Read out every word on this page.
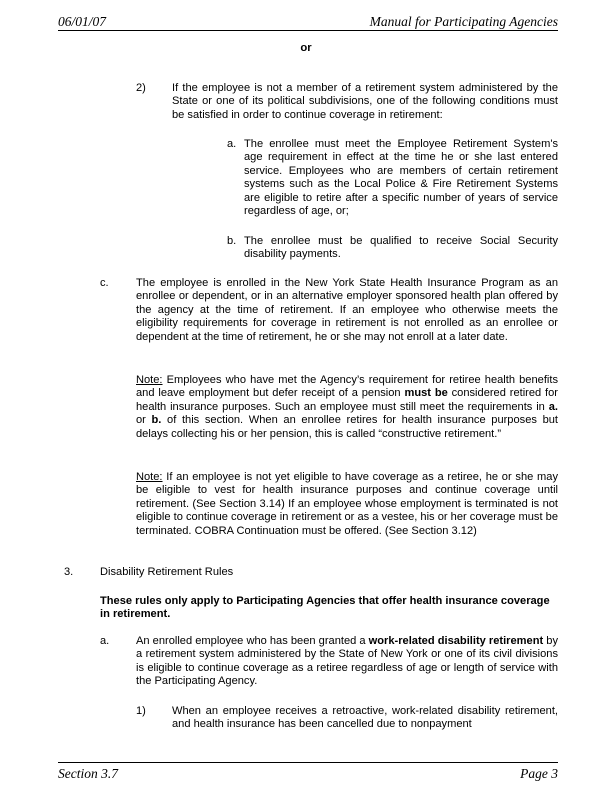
06/01/07	Manual for Participating Agencies
or
2) If the employee is not a member of a retirement system administered by the State or one of its political subdivisions, one of the following conditions must be satisfied in order to continue coverage in retirement:
a. The enrollee must meet the Employee Retirement System's age requirement in effect at the time he or she last entered service. Employees who are members of certain retirement systems such as the Local Police & Fire Retirement Systems are eligible to retire after a specific number of years of service regardless of age, or;
b. The enrollee must be qualified to receive Social Security disability payments.
c. The employee is enrolled in the New York State Health Insurance Program as an enrollee or dependent, or in an alternative employer sponsored health plan offered by the agency at the time of retirement. If an employee who otherwise meets the eligibility requirements for coverage in retirement is not enrolled as an enrollee or dependent at the time of retirement, he or she may not enroll at a later date.
Note: Employees who have met the Agency’s requirement for retiree health benefits and leave employment but defer receipt of a pension must be considered retired for health insurance purposes. Such an employee must still meet the requirements in a. or b. of this section. When an enrollee retires for health insurance purposes but delays collecting his or her pension, this is called “constructive retirement.”
Note: If an employee is not yet eligible to have coverage as a retiree, he or she may be eligible to vest for health insurance purposes and continue coverage until retirement. (See Section 3.14) If an employee whose employment is terminated is not eligible to continue coverage in retirement or as a vestee, his or her coverage must be terminated. COBRA Continuation must be offered. (See Section 3.12)
3. Disability Retirement Rules
These rules only apply to Participating Agencies that offer health insurance coverage in retirement.
a. An enrolled employee who has been granted a work-related disability retirement by a retirement system administered by the State of New York or one of its civil divisions is eligible to continue coverage as a retiree regardless of age or length of service with the Participating Agency.
1) When an employee receives a retroactive, work-related disability retirement, and health insurance has been cancelled due to nonpayment
Section 3.7	Page 3
